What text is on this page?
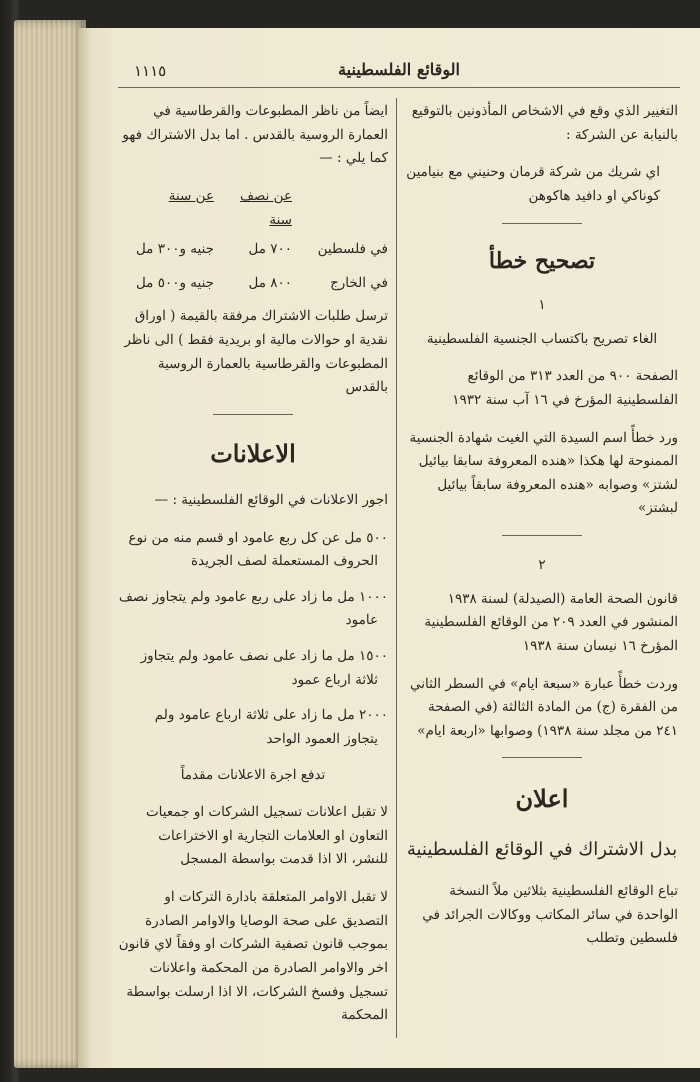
الوقائع الفلسطينية
١١١٥

التغيير الذي وقع في الاشخاص المأذونين بالتوقيع بالنيابة عن الشركة :

اي شريك من شركة قرمان وحنيني مع بنيامين كوناكي او دافيد هاكوهن

تصحيح خطأ
١

الغاء تصريح باكتساب الجنسية الفلسطينية

الصفحة ٩٠٠ من العدد ٣١٣ من الوقائع الفلسطينية المؤرخ في ١٦ آب سنة ١٩٣٢

ورد خطأً اسم السيدة التي الغيت شهادة الجنسية الممنوحة لها هكذا «هنده المعروفة سابقا بيائيل لشتز» وصوابه «هنده المعروفة سابقاً بيائيل لبشتز»

٢

قانون الصحة العامة (الصيدلة) لسنة ١٩٣٨ المنشور في العدد ٢٠٩ من الوقائع الفلسطينية المؤرخ ١٦ نيسان سنة ١٩٣٨

وردت خطأً عبارة «سبعة ايام» في السطر الثاني من الفقرة (ج) من المادة الثالثة (في الصفحة ٢٤١ من مجلد سنة ١٩٣٨) وصوابها «اربعة ايام»

اعلان
بدل الاشتراك في الوقائع الفلسطينية

تباع الوقائع الفلسطينية بثلاثين ملاً النسخة الواحدة في سائر المكاتب ووكالات الجرائد في فلسطين وتطلب

ايضاً من ناظر المطبوعات والقرطاسية في العمارة الروسية بالقدس . اما بدل الاشتراك فهو كما يلي : —

عن نصف سنة
عن سنة
في فلسطين
٧٠٠ مل
جنيه و٣٠٠ مل
في الخارج
٨٠٠ مل
جنيه و٥٠٠ مل

ترسل طلبات الاشتراك مرفقة بالقيمة ( اوراق نقدية او حوالات مالية او بريدية فقط ) الى ناظر المطبوعات والقرطاسية بالعمارة الروسية بالقدس

الاعلانات

اجور الاعلانات في الوقائع الفلسطينية : —

٥٠٠ مل عن كل ربع عامود او قسم منه من نوع الحروف المستعملة لصف الجريدة

١٠٠٠ مل ما زاد على ربع عامود ولم يتجاوز نصف عامود

١٥٠٠ مل ما زاد على نصف عامود ولم يتجاوز ثلاثة ارباع عمود

٢٠٠٠ مل ما زاد على ثلاثة ارباع عامود ولم يتجاوز العمود الواحد

تدفع اجرة الاعلانات مقدماً

لا تقبل اعلانات تسجيل الشركات او جمعيات التعاون او العلامات التجارية او الاختراعات للنشر، الا اذا قدمت بواسطة المسجل

لا تقبل الاوامر المتعلقة بادارة التركات او التصديق على صحة الوصايا والاوامر الصادرة بموجب قانون تصفية الشركات او وفقاً لاي قانون اخر والاوامر الصادرة من المحكمة واعلانات تسجيل وفسخ الشركات، الا اذا ارسلت بواسطة المحكمة
